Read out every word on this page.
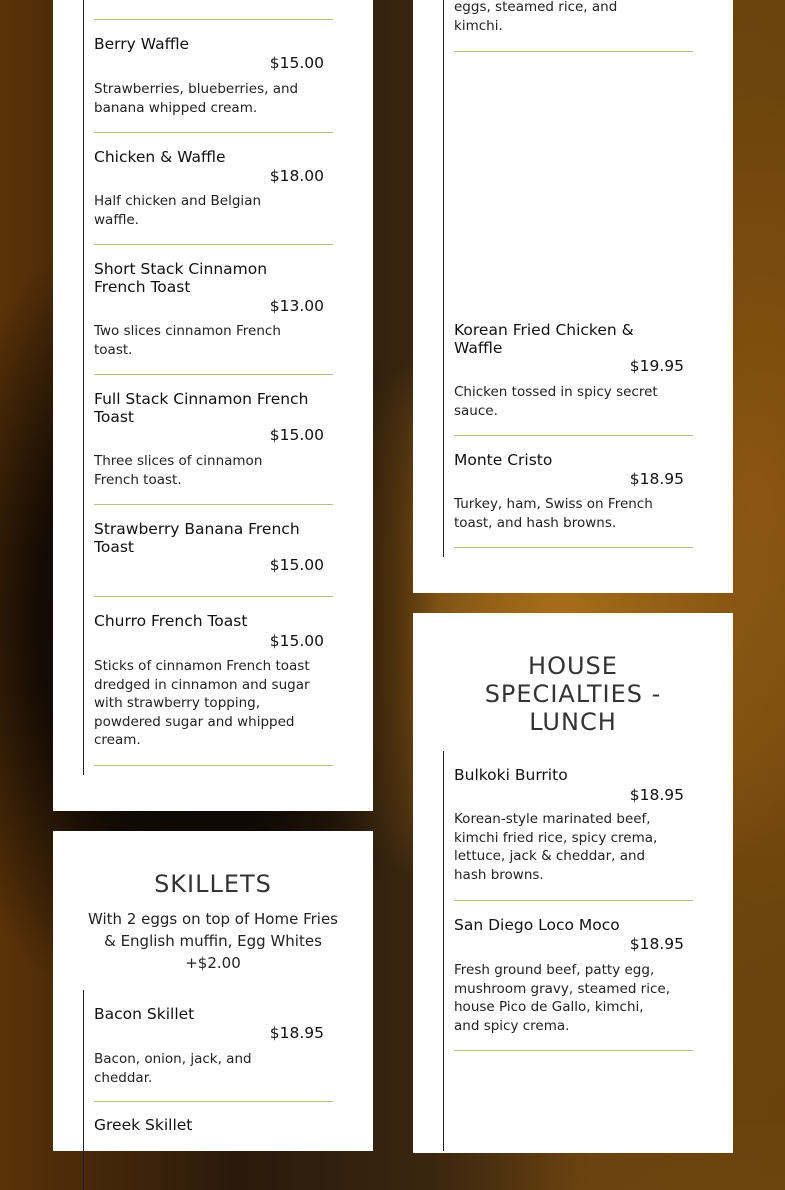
Berry Waffle
$15.00
Strawberries, blueberries, and banana whipped cream.
Chicken & Waffle
$18.00
Half chicken and Belgian waffle.
Short Stack Cinnamon French Toast
$13.00
Two slices cinnamon French toast.
Full Stack Cinnamon French Toast
$15.00
Three slices of cinnamon French toast.
Strawberry Banana French Toast
$15.00
Churro French Toast
$15.00
Sticks of cinnamon French toast dredged in cinnamon and sugar with strawberry topping, powdered sugar and whipped cream.
SKILLETS
With 2 eggs on top of Home Fries & English muffin, Egg Whites +$2.00
Bacon Skillet
$18.95
Bacon, onion, jack, and cheddar.
Greek Skillet
eggs, steamed rice, and kimchi.
Korean Fried Chicken & Waffle
$19.95
Chicken tossed in spicy secret sauce.
Monte Cristo
$18.95
Turkey, ham, Swiss on French toast, and hash browns.
HOUSE SPECIALTIES - LUNCH
Bulkoki Burrito
$18.95
Korean-style marinated beef, kimchi fried rice, spicy crema, lettuce, jack & cheddar, and hash browns.
San Diego Loco Moco
$18.95
Fresh ground beef, patty egg, mushroom gravy, steamed rice, house Pico de Gallo, kimchi, and spicy crema.
